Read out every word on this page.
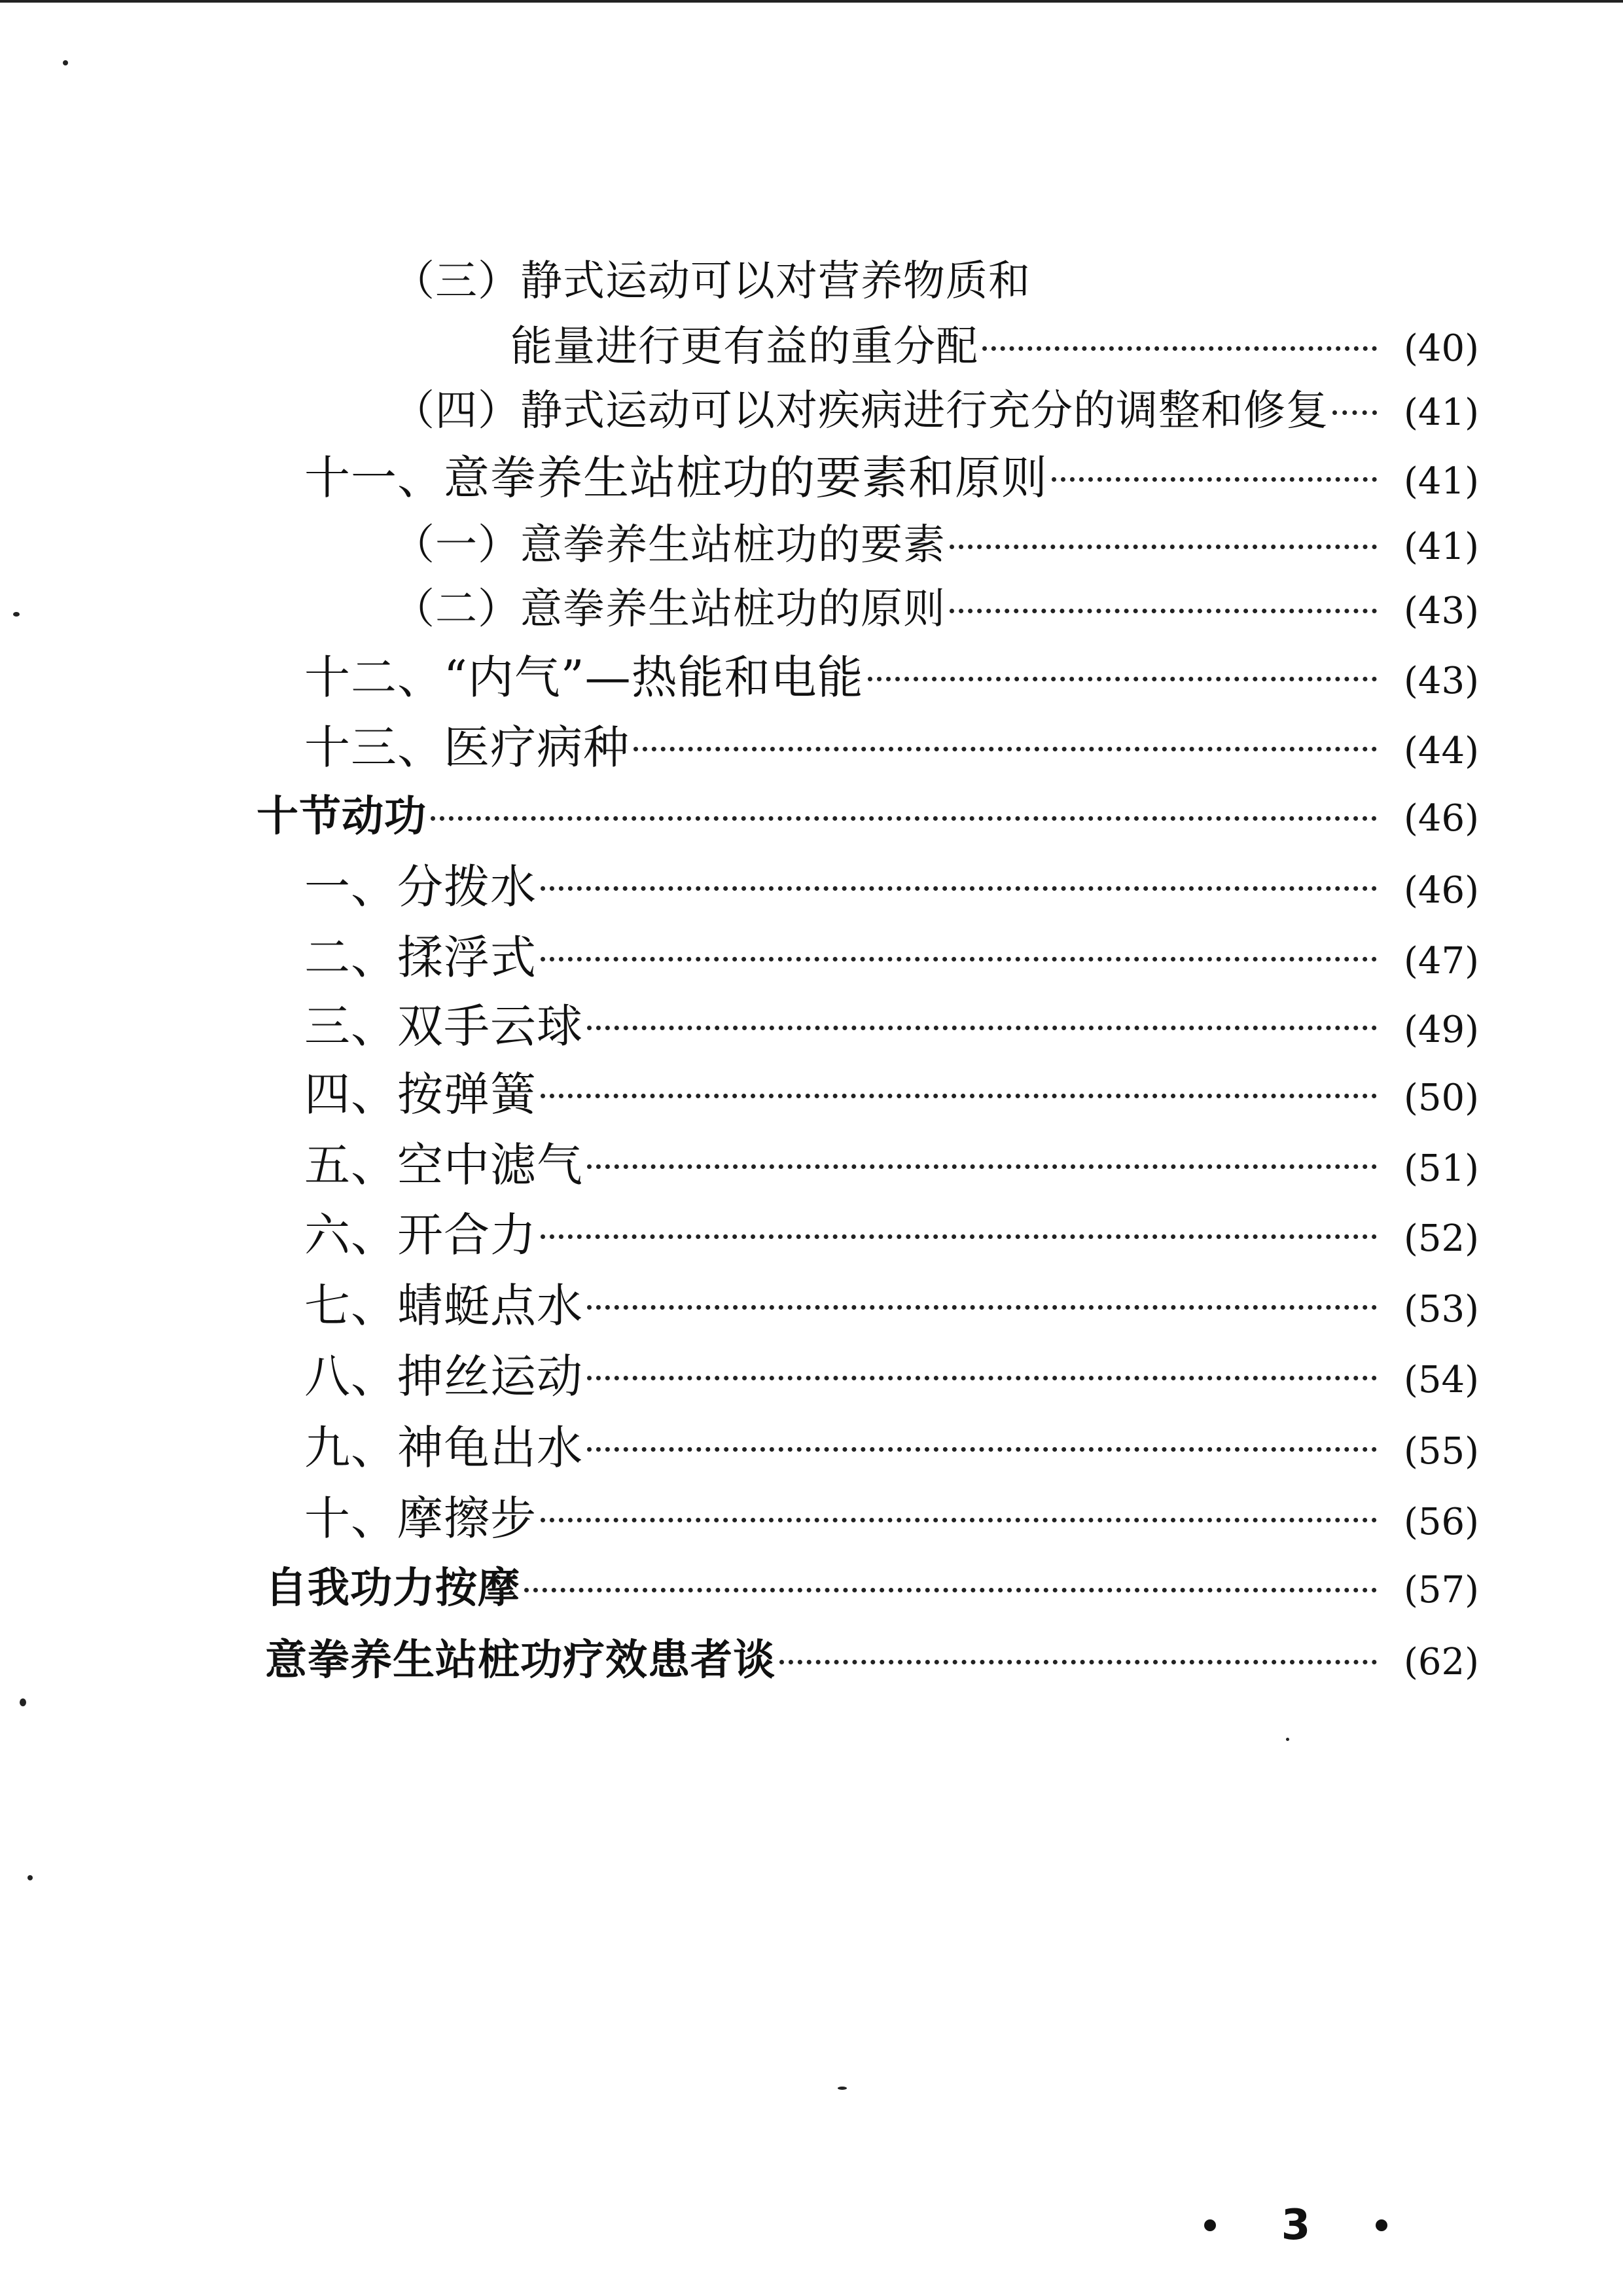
（三）静式运动可以对营养物质和
能量进行更有益的重分配	(40)
（四）静式运动可以对疾病进行充分的调整和修复	(41)
十一、意拳养生站桩功的要素和原则	(41)
（一）意拳养生站桩功的要素	(41)
（二）意拳养生站桩功的原则	(43)
十二、“内气”—热能和电能	(43)
十三、医疗病种	(44)
十节动功	(46)
一、分拨水	(46)
二、揉浮式	(47)
三、双手云球	(49)
四、按弹簧	(50)
五、空中滤气	(51)
六、开合力	(52)
七、蜻蜓点水	(53)
八、抻丝运动	(54)
九、神龟出水	(55)
十、摩擦步	(56)
自我功力按摩	(57)
意拳养生站桩功疗效患者谈	(62)
3
